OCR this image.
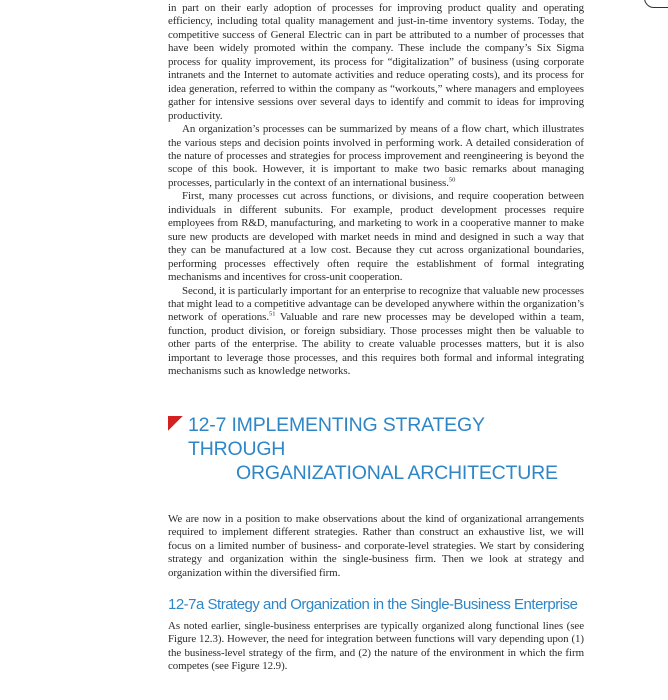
in part on their early adoption of processes for improving product quality and operating efficiency, including total quality management and just-in-time inventory systems. Today, the competitive success of General Electric can in part be attributed to a number of processes that have been widely promoted within the company. These include the company’s Six Sigma process for quality improvement, its process for “digitalization” of business (using corporate intranets and the Internet to automate activities and reduce operating costs), and its process for idea generation, referred to within the company as “workouts,” where managers and employees gather for intensive sessions over several days to identify and commit to ideas for improving productivity.

An organization’s processes can be summarized by means of a flow chart, which illustrates the various steps and decision points involved in performing work. A detailed consideration of the nature of processes and strategies for process improvement and reengineering is beyond the scope of this book. However, it is important to make two basic remarks about managing processes, particularly in the context of an international business.$^{50}$

First, many processes cut across functions, or divisions, and require cooperation between individuals in different subunits. For example, product development processes require employees from R&D, manufacturing, and marketing to work in a cooperative manner to make sure new products are developed with market needs in mind and designed in such a way that they can be manufactured at a low cost. Because they cut across organizational boundaries, performing processes effectively often require the establishment of formal integrating mechanisms and incentives for cross-unit cooperation.

Second, it is particularly important for an enterprise to recognize that valuable new processes that might lead to a competitive advantage can be developed anywhere within the organization’s network of operations.$^{51}$ Valuable and rare new processes may be developed within a team, function, product division, or foreign subsidiary. Those processes might then be valuable to other parts of the enterprise. The ability to create valuable processes matters, but it is also important to leverage those processes, and this requires both formal and informal integrating mechanisms such as knowledge networks.

12-7 IMPLEMENTING STRATEGY THROUGH
ORGANIZATIONAL ARCHITECTURE

We are now in a position to make observations about the kind of organizational arrangements required to implement different strategies. Rather than construct an exhaustive list, we will focus on a limited number of business- and corporate-level strategies. We start by considering strategy and organization within the single-business firm. Then we look at strategy and organization within the diversified firm.

12-7a Strategy and Organization in the Single-Business Enterprise

As noted earlier, single-business enterprises are typically organized along functional lines (see Figure 12.3). However, the need for integration between functions will vary depending upon (1) the business-level strategy of the firm, and (2) the nature of the environment in which the firm competes (see Figure 12.9).
